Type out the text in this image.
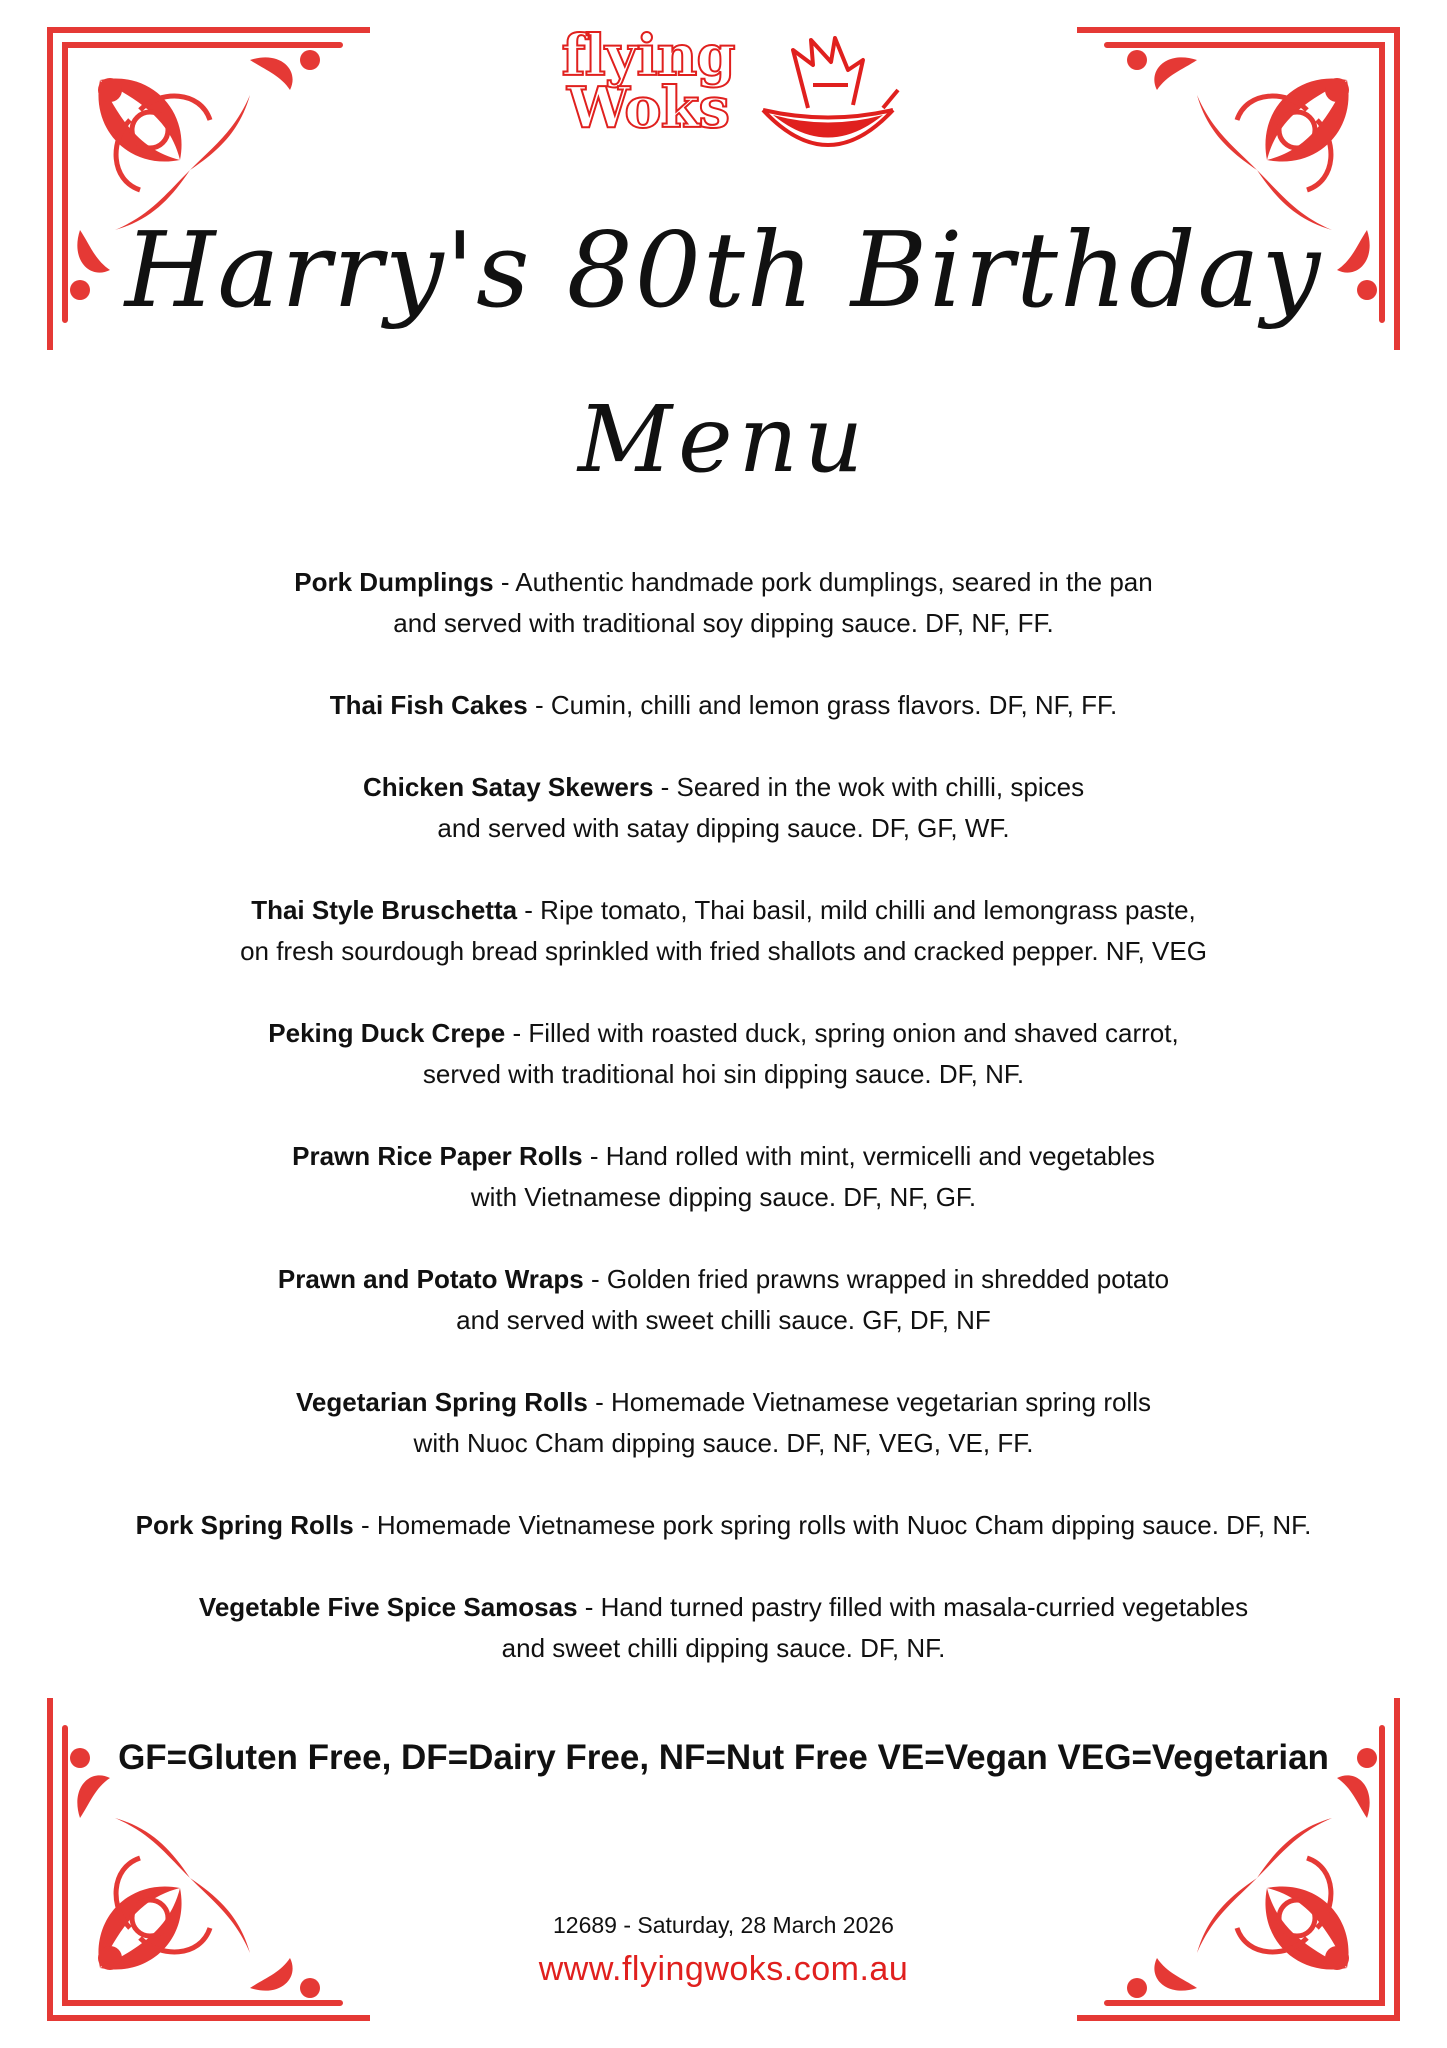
flying
Woks
Harry's 80th Birthday
Menu
Pork Dumplings - Authentic handmade pork dumplings, seared in the pan
and served with traditional soy dipping sauce. DF, NF, FF.
Thai Fish Cakes - Cumin, chilli and lemon grass flavors. DF, NF, FF.
Chicken Satay Skewers - Seared in the wok with chilli, spices
and served with satay dipping sauce. DF, GF, WF.
Thai Style Bruschetta - Ripe tomato, Thai basil, mild chilli and lemongrass paste,
on fresh sourdough bread sprinkled with fried shallots and cracked pepper. NF, VEG
Peking Duck Crepe - Filled with roasted duck, spring onion and shaved carrot,
served with traditional hoi sin dipping sauce. DF, NF.
Prawn Rice Paper Rolls - Hand rolled with mint, vermicelli and vegetables
with Vietnamese dipping sauce. DF, NF, GF.
Prawn and Potato Wraps - Golden fried prawns wrapped in shredded potato
and served with sweet chilli sauce. GF, DF, NF
Vegetarian Spring Rolls - Homemade Vietnamese vegetarian spring rolls
with Nuoc Cham dipping sauce. DF, NF, VEG, VE, FF.
Pork Spring Rolls - Homemade Vietnamese pork spring rolls with Nuoc Cham dipping sauce. DF, NF.
Vegetable Five Spice Samosas - Hand turned pastry filled with masala-curried vegetables
and sweet chilli dipping sauce. DF, NF.
GF=Gluten Free, DF=Dairy Free, NF=Nut Free VE=Vegan VEG=Vegetarian
12689 - Saturday, 28 March 2026
www.flyingwoks.com.au
